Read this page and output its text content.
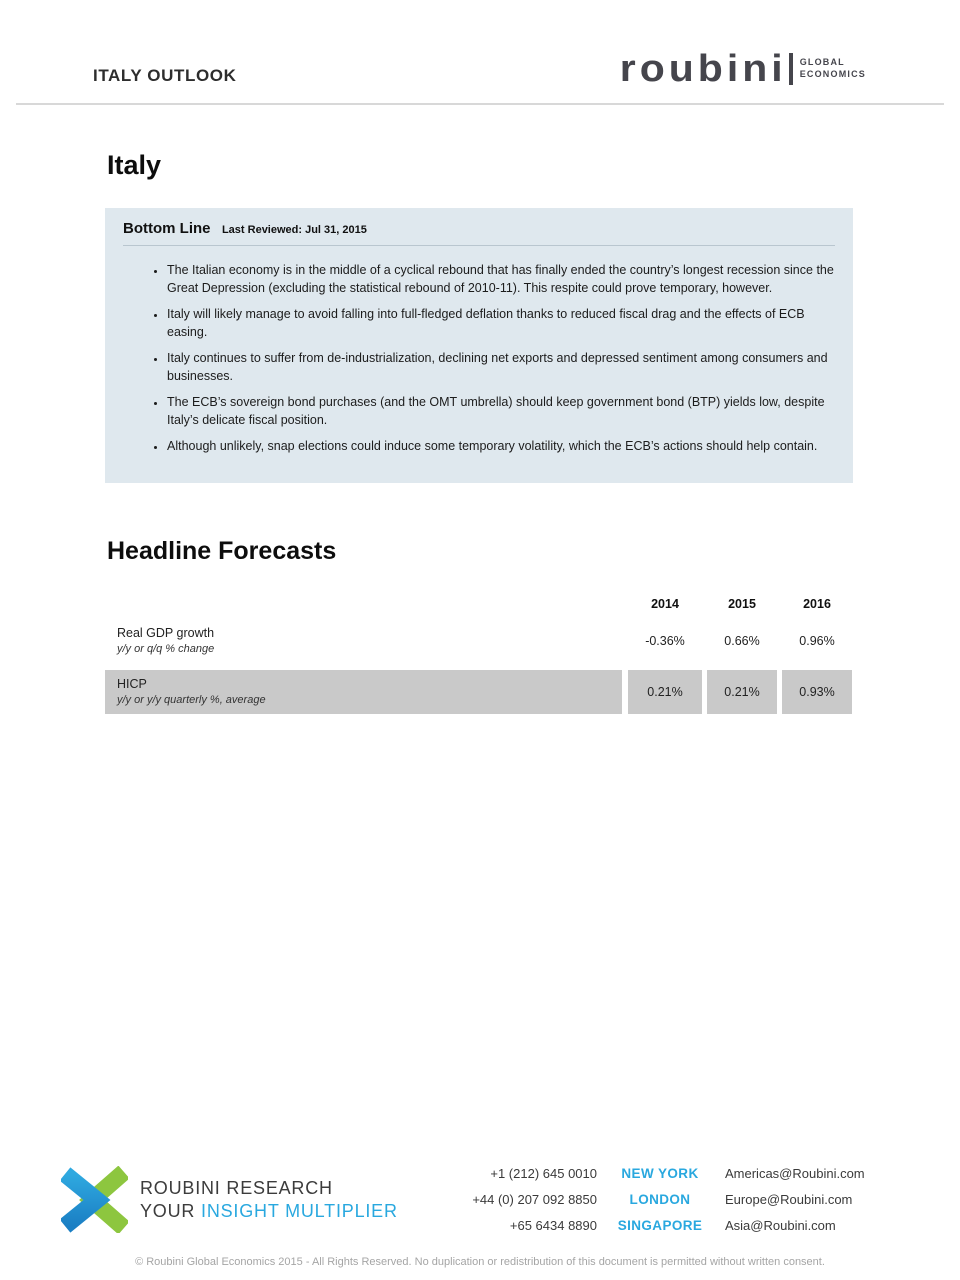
ITALY OUTLOOK	roubini GLOBAL
ECONOMICS
Italy
Bottom Line Last Reviewed: Jul 31, 2015
• The Italian economy is in the middle of a cyclical rebound that has finally ended the country’s longest recession since the Great Depression (excluding the statistical rebound of 2010-11). This respite could prove temporary, however.
• Italy will likely manage to avoid falling into full-fledged deflation thanks to reduced fiscal drag and the effects of ECB easing.
• Italy continues to suffer from de-industrialization, declining net exports and depressed sentiment among consumers and businesses.
• The ECB’s sovereign bond purchases (and the OMT umbrella) should keep government bond (BTP) yields low, despite Italy’s delicate fiscal position.
• Although unlikely, snap elections could induce some temporary volatility, which the ECB’s actions should help contain.
Headline Forecasts
2014	2015	2016
Real GDP growth
y/y or q/q % change
-0.36%	0.66%	0.96%
HICP
y/y or y/y quarterly %, average
0.21%	0.21%	0.93%
ROUBINI RESEARCH
YOUR INSIGHT MULTIPLIER
+1 (212) 645 0010	NEW YORK	Americas@Roubini.com
+44 (0) 207 092 8850	LONDON	Europe@Roubini.com
+65 6434 8890	SINGAPORE	Asia@Roubini.com
© Roubini Global Economics 2015 - All Rights Reserved. No duplication or redistribution of this document is permitted without written consent.
